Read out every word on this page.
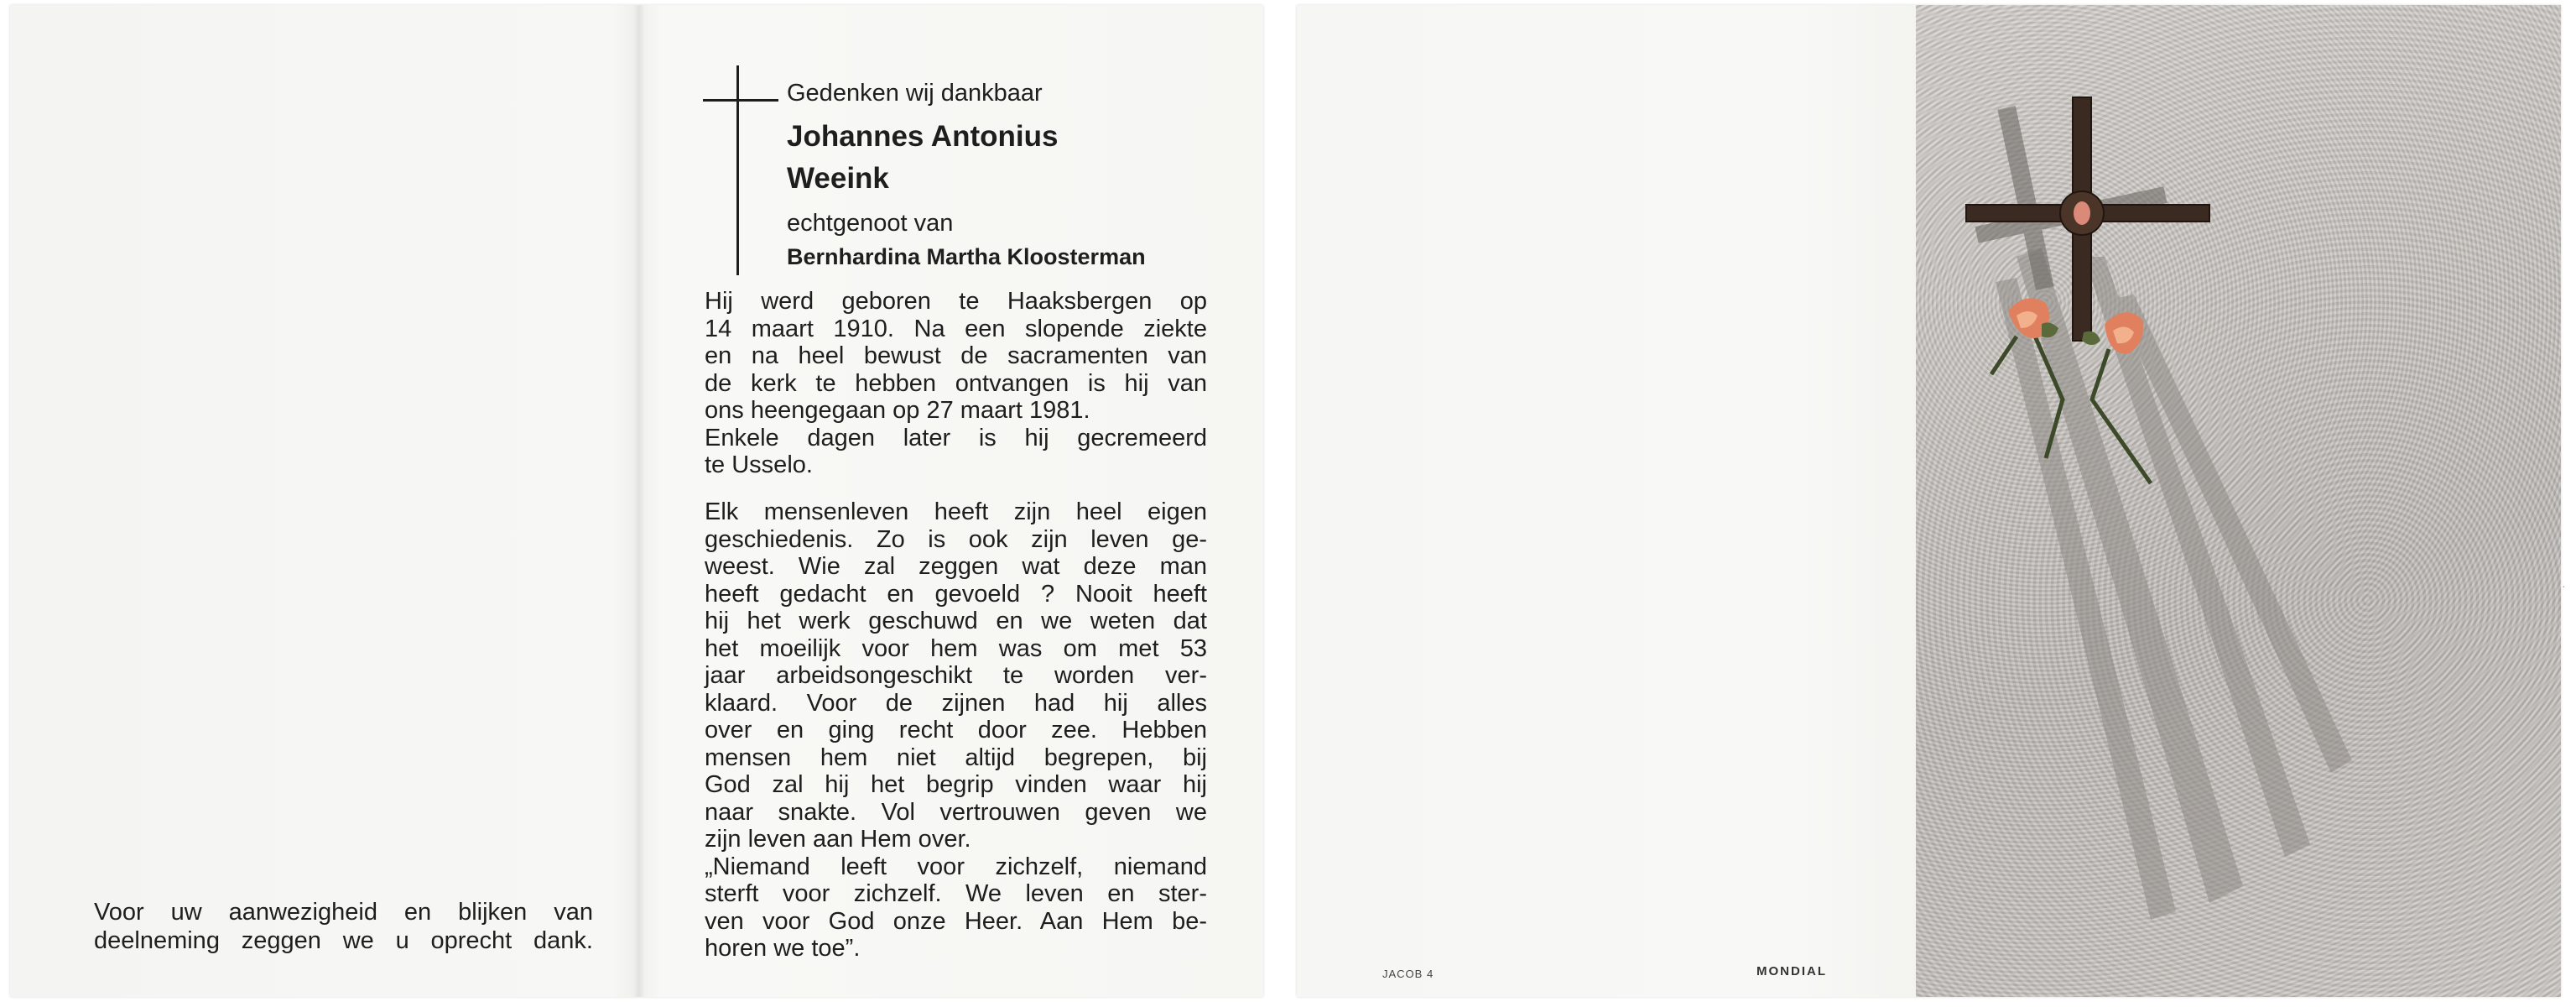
Voor uw aanwezigheid en blijken van
deelneming zeggen we u oprecht dank.
Gedenken wij dankbaar
Johannes Antonius
Weeink
echtgenoot van
Bernhardina Martha Kloosterman
Hij werd geboren te Haaksbergen op
14 maart 1910. Na een slopende ziekte
en na heel bewust de sacramenten van
de kerk te hebben ontvangen is hij van
ons heengegaan op 27 maart 1981.
Enkele dagen later is hij gecremeerd
te Usselo.
Elk mensenleven heeft zijn heel eigen
geschiedenis. Zo is ook zijn leven ge-
weest. Wie zal zeggen wat deze man
heeft gedacht en gevoeld ? Nooit heeft
hij het werk geschuwd en we weten dat
het moeilijk voor hem was om met 53
jaar arbeidsongeschikt te worden ver-
klaard. Voor de zijnen had hij alles
over en ging recht door zee. Hebben
mensen hem niet altijd begrepen, bij
God zal hij het begrip vinden waar hij
naar snakte. Vol vertrouwen geven we
zijn leven aan Hem over.
„Niemand leeft voor zichzelf, niemand
sterft voor zichzelf. We leven en ster-
ven voor God onze Heer. Aan Hem be-
horen we toe”.
JACOB 4	MONDIAL
·
